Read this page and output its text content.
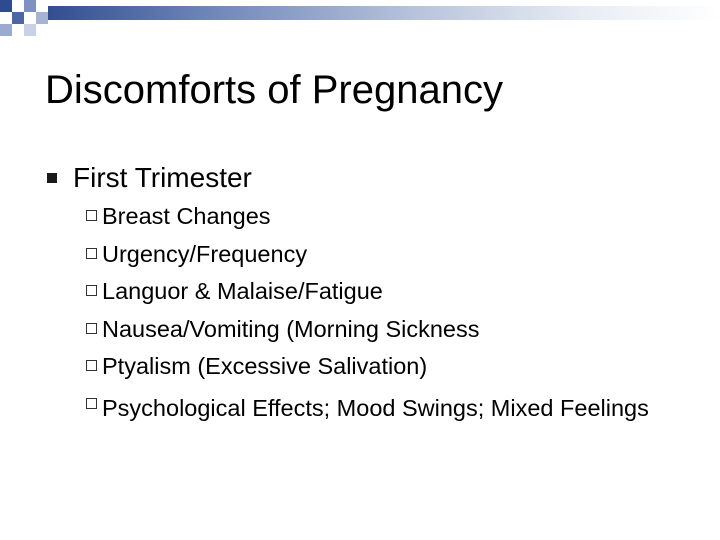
Discomforts of Pregnancy
First Trimester
Breast Changes
Urgency/Frequency
Languor & Malaise/Fatigue
Nausea/Vomiting (Morning Sickness
Ptyalism (Excessive Salivation)
Psychological Effects; Mood Swings; Mixed Feelings
